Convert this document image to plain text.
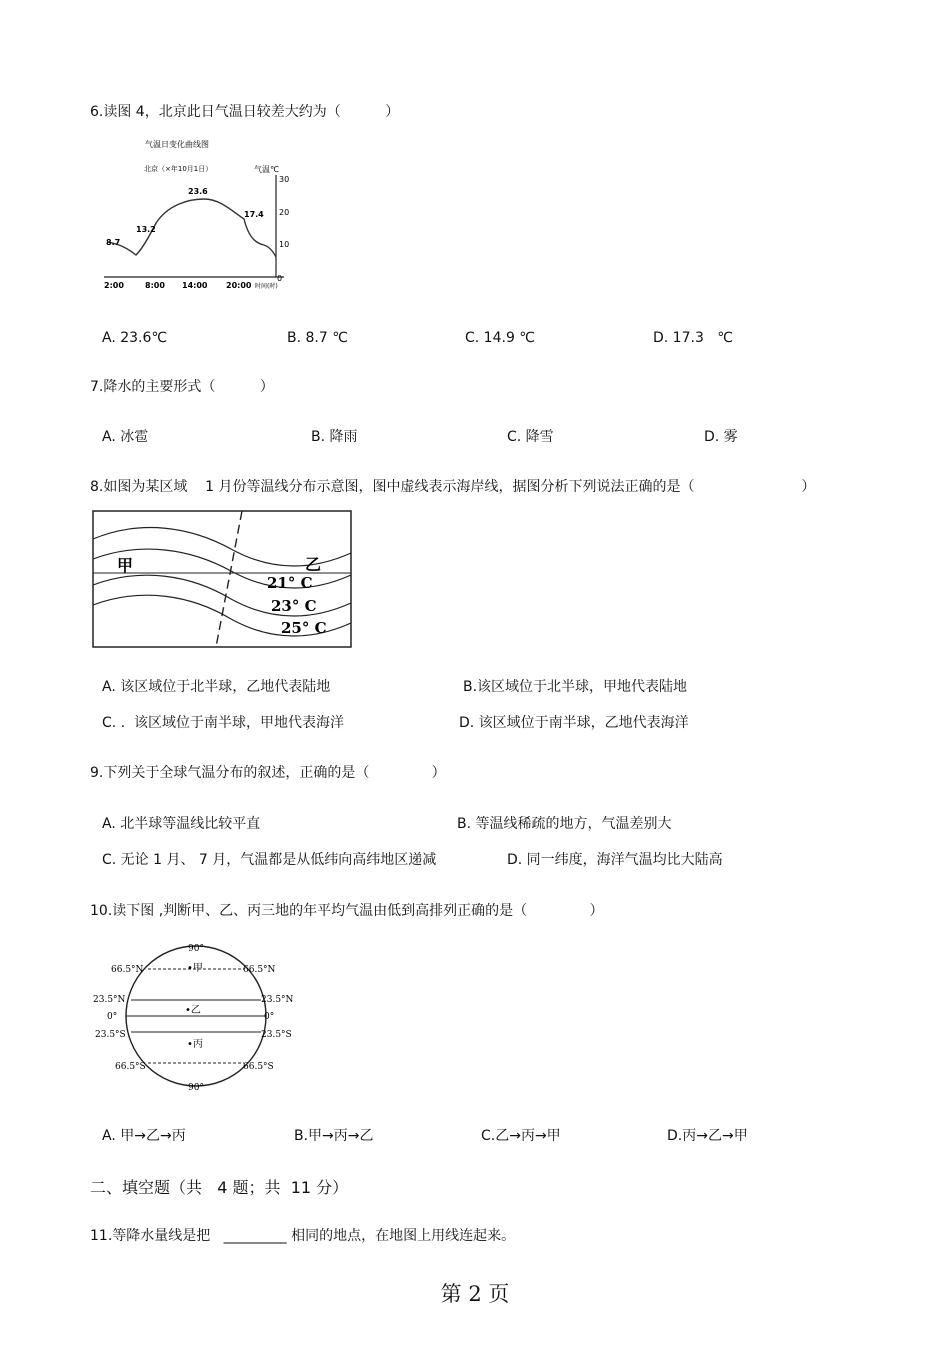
6.读图 4，北京此日气温日较差大约为（          ）
气温日变化曲线图
北京（×年10月1日）	气温℃
30
20
10
0
8.7
13.2
23.6
17.4
2:00	8:00 14:00 20:00 时间(时)
A. 23.6℃	B. 8.7 ℃	C. 14.9 ℃	D. 17.3   ℃
7.降水的主要形式（          ）
A. 冰雹	B. 降雨	C. 降雪	D. 雾
8.如图为某区域    1 月份等温线分布示意图，图中虚线表示海岸线，据图分析下列说法正确的是（                        ）
甲	乙
21° C
23° C
25° C
A. 该区域位于北半球，乙地代表陆地	B.该区域位于北半球，甲地代表陆地
C. .  该区域位于南半球，甲地代表海洋	D. 该区域位于南半球，乙地代表海洋
9.下列关于全球气温分布的叙述，正确的是（              ）
A. 北半球等温线比较平直	B. 等温线稀疏的地方，气温差别大
C. 无论 1 月、 7 月，气温都是从低纬向高纬地区递减	D. 同一纬度，海洋气温均比大陆高
10.读下图 ,判断甲、乙、丙三地的年平均气温由低到高排列正确的是（              ）
90°
90°
66.5°N
23.5°N
0°
23.5°S
66.5°S
66.5°N
23.5°N
0°
23.5°S
66.5°S
•甲
•乙
•丙
A. 甲→乙→丙	B.甲→丙→乙	C.乙→丙→甲	D.丙→乙→甲
二、填空题（共   4 题；共  11 分）
11.等降水量线是把   _________ 相同的地点，在地图上用线连起来。
第 2 页
